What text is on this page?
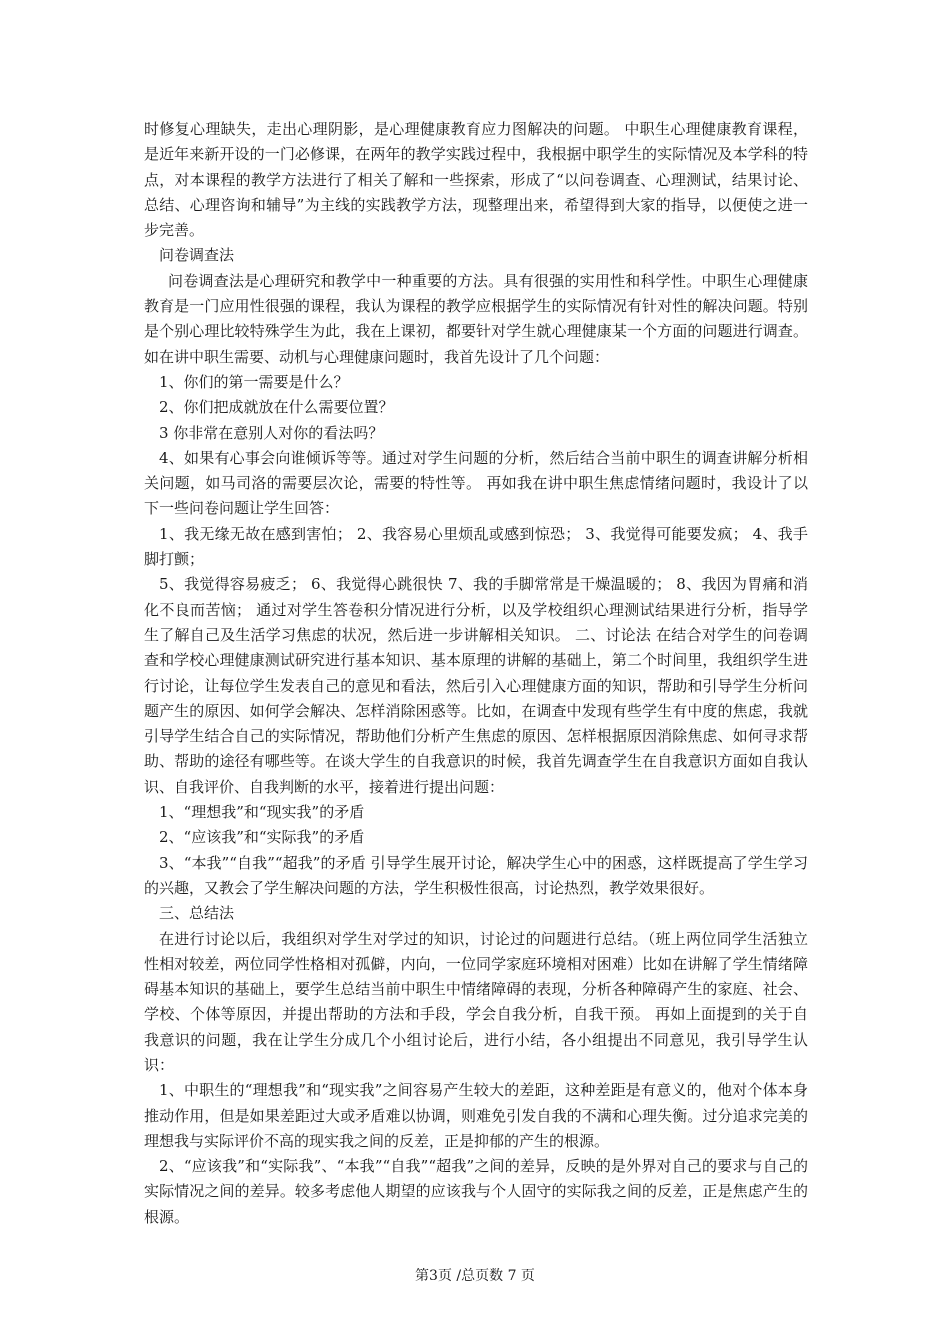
时修复心理缺失，走出心理阴影，是心理健康教育应力图解决的问题。 中职生心理健康教育课程，是近年来新开设的一门必修课，在两年的教学实践过程中，我根据中职学生的实际情况及本学科的特点，对本课程的教学方法进行了相关了解和一些探索，形成了“以问卷调查、心理测试，结果讨论、总结、心理咨询和辅导”为主线的实践教学方法，现整理出来，希望得到大家的指导，以便使之进一步完善。

问卷调查法

问卷调查法是心理研究和教学中一种重要的方法。具有很强的实用性和科学性。中职生心理健康教育是一门应用性很强的课程，我认为课程的教学应根据学生的实际情况有针对性的解决问题。特别是个别心理比较特殊学生为此，我在上课初，都要针对学生就心理健康某一个方面的问题进行调查。如在讲中职生需要、动机与心理健康问题时，我首先设计了几个问题：

1、你们的第一需要是什么？

2、你们把成就放在什么需要位置？

3 你非常在意别人对你的看法吗？

4、如果有心事会向谁倾诉等等。通过对学生问题的分析，然后结合当前中职生的调查讲解分析相关问题，如马司洛的需要层次论，需要的特性等。 再如我在讲中职生焦虑情绪问题时，我设计了以下一些问卷问题让学生回答：

1、我无缘无故在感到害怕； 2、我容易心里烦乱或感到惊恐； 3、我觉得可能要发疯； 4、我手脚打颤；

5、我觉得容易疲乏； 6、我觉得心跳很快 7、我的手脚常常是干燥温暖的； 8、我因为胃痛和消化不良而苦恼； 通过对学生答卷积分情况进行分析，以及学校组织心理测试结果进行分析，指导学生了解自己及生活学习焦虑的状况，然后进一步讲解相关知识。 二、讨论法 在结合对学生的问卷调查和学校心理健康测试研究进行基本知识、基本原理的讲解的基础上，第二个时间里，我组织学生进行讨论，让每位学生发表自己的意见和看法，然后引入心理健康方面的知识，帮助和引导学生分析问题产生的原因、如何学会解决、怎样消除困惑等。比如，在调查中发现有些学生有中度的焦虑，我就引导学生结合自己的实际情况，帮助他们分析产生焦虑的原因、怎样根据原因消除焦虑、如何寻求帮助、帮助的途径有哪些等。在谈大学生的自我意识的时候，我首先调查学生在自我意识方面如自我认识、自我评价、自我判断的水平，接着进行提出问题：

1、“理想我”和“现实我”的矛盾

2、“应该我”和“实际我”的矛盾

3、“本我”“自我”“超我”的矛盾 引导学生展开讨论，解决学生心中的困惑，这样既提高了学生学习的兴趣，又教会了学生解决问题的方法，学生积极性很高，讨论热烈，教学效果很好。

三、总结法

在进行讨论以后，我组织对学生对学过的知识，讨论过的问题进行总结。（班上两位同学生活独立性相对较差，两位同学性格相对孤僻，内向，一位同学家庭环境相对困难）比如在讲解了学生情绪障碍基本知识的基础上，要学生总结当前中职生中情绪障碍的表现，分析各种障碍产生的家庭、社会、学校、个体等原因，并提出帮助的方法和手段，学会自我分析，自我干预。 再如上面提到的关于自我意识的问题，我在让学生分成几个小组讨论后，进行小结，各小组提出不同意见，我引导学生认识：

1、中职生的“理想我”和“现实我”之间容易产生较大的差距，这种差距是有意义的，他对个体本身推动作用，但是如果差距过大或矛盾难以协调，则难免引发自我的不满和心理失衡。过分追求完美的理想我与实际评价不高的现实我之间的反差，正是抑郁的产生的根源。

2、“应该我”和“实际我”、“本我”“自我”“超我”之间的差异，反映的是外界对自己的要求与自己的实际情况之间的差异。较多考虑他人期望的应该我与个人固守的实际我之间的反差，正是焦虑产生的根源。

第3页 /总页数 7 页
